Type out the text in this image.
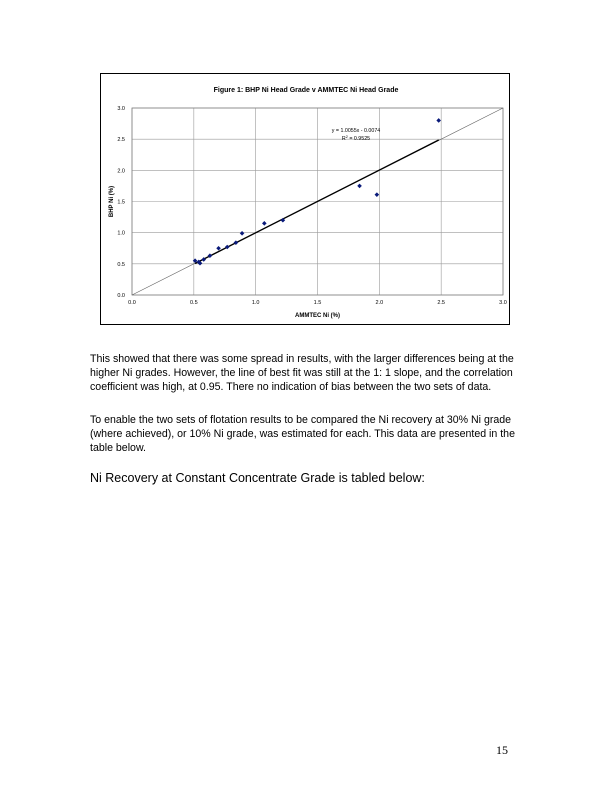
Figure 1: BHP Ni Head Grade v AMMTEC Ni Head Grade
0.0	0.5	1.0	1.5	2.0	2.5	3.0
0.0
0.5
1.0
1.5
2.0
2.5
3.0
y = 1.0055x - 0.0074
$R^2 = 0.9525$
AMMTEC Ni (%)
BHP Ni (%)

This showed that there was some spread in results, with the larger differences being at the higher Ni grades. However, the line of best fit was still at the 1: 1 slope, and the correlation coefficient was high, at 0.95. There no indication of bias between the two sets of data.

To enable the two sets of flotation results to be compared the Ni recovery at 30% Ni grade (where achieved), or 10% Ni grade, was estimated for each. This data are presented in the table below.

Ni Recovery at Constant Concentrate Grade is tabled below:

15
